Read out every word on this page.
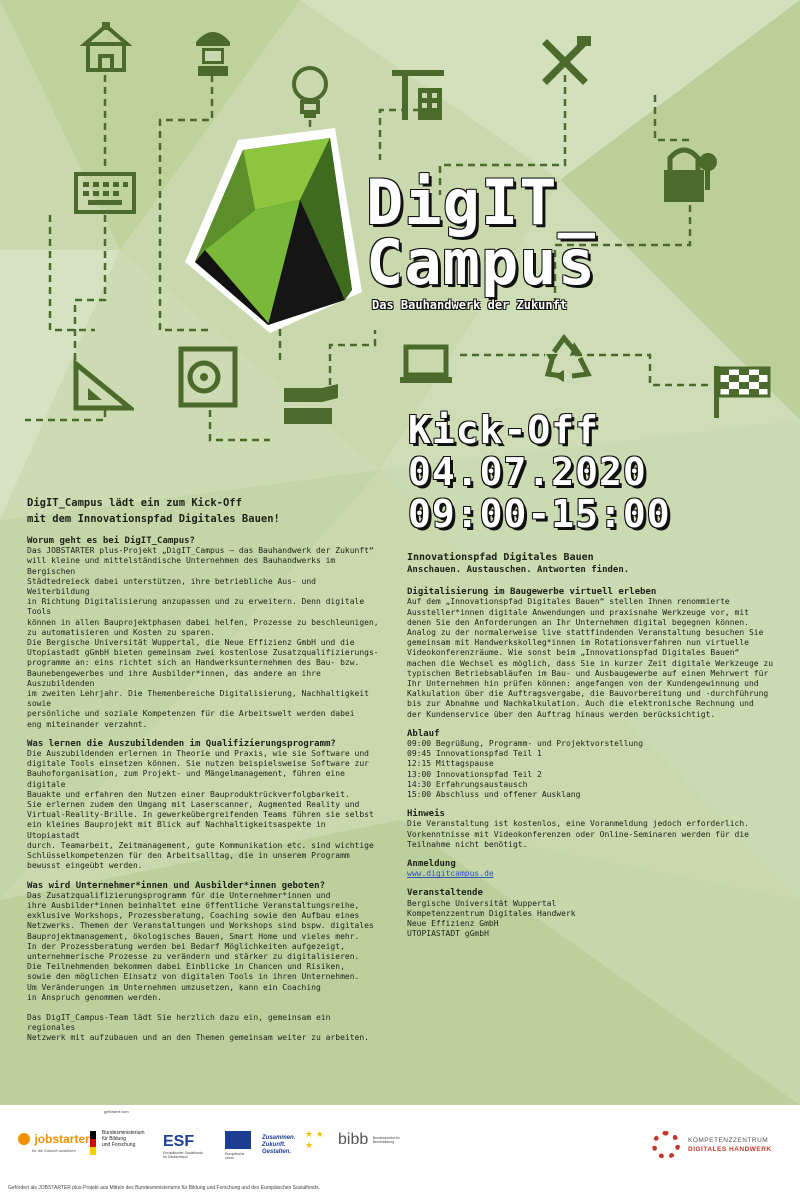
DigIT_
Campus
Das Bauhandwerk der Zukunft
Kick-Off
04.07.2020
09:00-15:00

DigIT_Campus lädt ein zum Kick-Off
mit dem Innovationspfad Digitales Bauen!

Worum geht es bei DigIT_Campus?

Das JOBSTARTER plus-Projekt „DigIT_Campus – das Bauhandwerk der Zukunft“
will kleine und mittelständische Unternehmen des Bauhandwerks im Bergischen
Städtedreieck dabei unterstützen, ihre betriebliche Aus- und Weiterbildung
in Richtung Digitalisierung anzupassen und zu erweitern. Denn digitale Tools
können in allen Bauprojektphasen dabei helfen, Prozesse zu beschleunigen,
zu automatisieren und Kosten zu sparen.
Die Bergische Universität Wuppertal, die Neue Effizienz GmbH und die
Utopiastadt gGmbH bieten gemeinsam zwei kostenlose Zusatzqualifizierungs-
programme an: eins richtet sich an Handwerksunternehmen des Bau- bzw.
Baunebengewerbes und ihre Ausbilder*innen, das andere an ihre Auszubildenden
im zweiten Lehrjahr. Die Themenbereiche Digitalisierung, Nachhaltigkeit sowie
persönliche und soziale Kompetenzen für die Arbeitswelt werden dabei
eng miteinander verzahnt.

Was lernen die Auszubildenden im Qualifizierungsprogramm?

Die Auszubildenden erlernen in Theorie und Praxis, wie sie Software und
digitale Tools einsetzen können. Sie nutzen beispielsweise Software zur
Bauhoforganisation, zum Projekt- und Mängelmanagement, führen eine digitale
Bauakte und erfahren den Nutzen einer Bauproduktrückverfolgbarkeit.
Sie erlernen zudem den Umgang mit Laserscanner, Augmented Reality und
Virtual-Reality-Brille. In gewerkeübergreifenden Teams führen sie selbst
ein kleines Bauprojekt mit Blick auf Nachhaltigkeitsaspekte in Utopiastadt
durch. Teamarbeit, Zeitmanagement, gute Kommunikation etc. sind wichtige
Schlüsselkompetenzen für den Arbeitsalltag, die in unserem Programm
bewusst eingeübt werden.

Was wird Unternehmer*innen und Ausbilder*innen geboten?

Das Zusatzqualifizierungsprogramm für die Unternehmer*innen und
ihre Ausbilder*innen beinhaltet eine öffentliche Veranstaltungsreihe,
exklusive Workshops, Prozessberatung, Coaching sowie den Aufbau eines
Netzwerks. Themen der Veranstaltungen und Workshops sind bspw. digitales
Bauprojektmanagement, ökologisches Bauen, Smart Home und vieles mehr.
In der Prozessberatung werden bei Bedarf Möglichkeiten aufgezeigt,
unternehmerische Prozesse zu verändern und stärker zu digitalisieren.
Die Teilnehmenden bekommen dabei Einblicke in Chancen und Risiken,
sowie den möglichen Einsatz von digitalen Tools in ihren Unternehmen.
Um Veränderungen im Unternehmen umzusetzen, kann ein Coaching
in Anspruch genommen werden.

Das DigIT_Campus-Team lädt Sie herzlich dazu ein, gemeinsam ein regionales
Netzwerk mit aufzubauen und an den Themen gemeinsam weiter zu arbeiten.

Innovationspfad Digitales Bauen

Anschauen. Austauschen. Antworten finden.

Digitalisierung im Baugewerbe virtuell erleben

Auf dem „Innovationspfad Digitales Bauen“ stellen Ihnen renommierte
Aussteller*innen digitale Anwendungen und praxisnahe Werkzeuge vor, mit
denen Sie den Anforderungen an Ihr Unternehmen digital begegnen können.
Analog zu der normalerweise live stattfindenden Veranstaltung besuchen Sie
gemeinsam mit Handwerkskolleg*innen im Rotationsverfahren nun virtuelle
Videokonferenzräume. Wie sonst beim „Innovationspfad Digitales Bauen“
machen die Wechsel es möglich, dass Sie in kurzer Zeit digitale Werkzeuge zu
typischen Betriebsabläufen im Bau- und Ausbaugewerbe auf einen Mehrwert für
Ihr Unternehmen hin prüfen können: angefangen von der Kundengewinnung und
Kalkulation über die Auftragsvergabe, die Bauvorbereitung und -durchführung
bis zur Abnahme und Nachkalkulation. Auch die elektronische Rechnung und
der Kundenservice über den Auftrag hinaus werden berücksichtigt.

Ablauf

09:00 Begrüßung, Programm- und Projektvorstellung
09:45 Innovationspfad Teil 1
12:15 Mittagspause
13:00 Innovationspfad Teil 2
14:30 Erfahrungsaustausch
15:00 Abschluss und offener Ausklang

Hinweis

Die Veranstaltung ist kostenlos, eine Voranmeldung jedoch erforderlich.
Vorkenntnisse mit Videokonferenzen oder Online-Seminaren werden für die
Teilnahme nicht benötigt.

Anmeldung

www.digitcampus.de

Veranstaltende

Bergische Universität Wuppertal
Kompetenzzentrum Digitales Handwerk
Neue Effizienz GmbH
UTOPIASTADT gGmbH

jobstarter
für die Zukunft ausbilden
gefördert vom
Bundesministerium
für Bildung
und Forschung	ESF
Europäischer Sozialfonds
für Deutschland
Europäische
Union
Zusammen.
Zukunft.
Gestalten.
★ ★
★	bibb Bundesinstitut für
Berufsbildung	KOMPETENZZENTRUM
DIGITALES HANDWERK
Gefördert als JOBSTARTER plus-Projekt aus Mitteln des Bundesministeriums für Bildung und Forschung und des Europäischen Sozialfonds.
